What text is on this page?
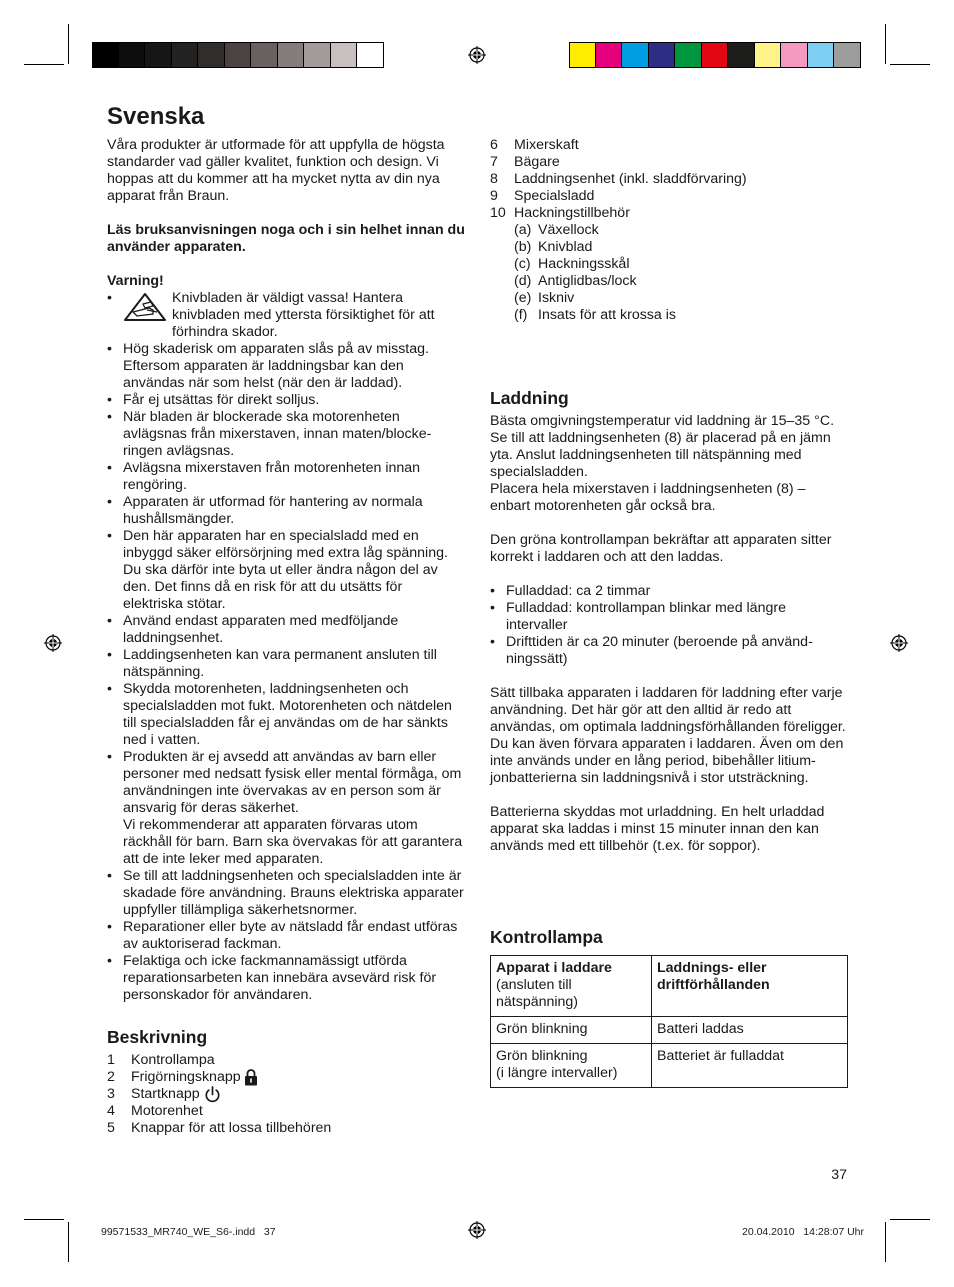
Svenska

Våra produkter är utformade för att uppfylla de högsta standarder vad gäller kvalitet, funktion och design. Vi hoppas att du kommer att ha mycket nytta av din nya apparat från Braun.

Läs bruksanvisningen noga och i sin helhet innan du använder apparaten.

Varning!

•	Knivbladen är väldigt vassa! Hantera knivbladen med yttersta försiktighet för att förhindra skador.
• Hög skaderisk om apparaten slås på av misstag. Eftersom apparaten är laddningsbar kan den användas när som helst (när den är laddad).
• Får ej utsättas för direkt solljus.
• När bladen är blockerade ska motorenheten avlägsnas från mixerstaven, innan maten/blockeringen avlägsnas.
• Avlägsna mixerstaven från motorenheten innan rengöring.
• Apparaten är utformad för hantering av normala hushållsmängder.
• Den här apparaten har en specialsladd med en inbyggd säker elförsörjning med extra låg spänning. Du ska därför inte byta ut eller ändra någon del av den. Det finns då en risk för att du utsätts för elektriska stötar.
• Använd endast apparaten med medföljande laddningsenhet.
• Laddingsenheten kan vara permanent ansluten till nätspänning.
• Skydda motorenheten, laddningsenheten och specialsladden mot fukt. Motorenheten och nätdelen till specialsladden får ej användas om de har sänkts ned i vatten.
• Produkten är ej avsedd att användas av barn eller personer med nedsatt fysisk eller mental förmåga, om användningen inte övervakas av en person som är ansvarig för deras säkerhet.
Vi rekommenderar att apparaten förvaras utom räckhåll för barn. Barn ska övervakas för att garantera att de inte leker med apparaten.
• Se till att laddningsenheten och specialsladden inte är skadade före användning. Brauns elektriska apparater uppfyller tillämpliga säkerhetsnormer.
• Reparationer eller byte av nätsladd får endast utföras av auktoriserad fackman.
• Felaktiga och icke fackmannamässigt utförda reparationsarbeten kan innebära avsevärd risk för personskador för användaren.
Beskrivning
1	Kontrollampa
2	Frigörningsknapp
3	Startknapp
4	Motorenhet
5	Knappar för att lossa tillbehören
6	Mixerskaft
7	Bägare
8	Laddningsenhet (inkl. sladdförvaring)
9	Specialsladd
10 Hackningstillbehör
(a) Växellock
(b) Knivblad
(c) Hackningsskål
(d) Antiglidbas/lock
(e) Iskniv
(f) Insats för att krossa is
Laddning

Bästa omgivningstemperatur vid laddning är 15–35 °C.
Se till att laddningsenheten (8) är placerad på en jämn yta. Anslut laddningsenheten till nätspänning med specialsladden.
Placera hela mixerstaven i laddningsenheten (8) – enbart motorenheten går också bra.

Den gröna kontrollampan bekräftar att apparaten sitter korrekt i laddaren och att den laddas.

• Fulladdad: ca 2 timmar
• Fulladdad: kontrollampan blinkar med längre intervaller
• Drifttiden är ca 20 minuter (beroende på användningssätt)

Sätt tillbaka apparaten i laddaren för laddning efter varje användning. Det här gör att den alltid är redo att användas, om optimala laddningsförhållanden föreligger. Du kan även förvara apparaten i laddaren. Även om den inte används under en lång period, bibehåller litium-jonbatterierna sin laddningsnivå i stor utsträckning.

Batterierna skyddas mot urladdning. En helt urladdad apparat ska laddas i minst 15 minuter innan den kan används med ett tillbehör (t.ex. för soppor).

Kontrollampa
Apparat i laddare
(ansluten till nätspänning)	Laddnings- eller driftförhållanden
Grön blinkning	Batteri laddas
Grön blinkning
(i längre intervaller)	Batteriet är fulladdat
37
99571533_MR740_WE_S6-.indd   37	20.04.2010   14:28:07 Uhr
